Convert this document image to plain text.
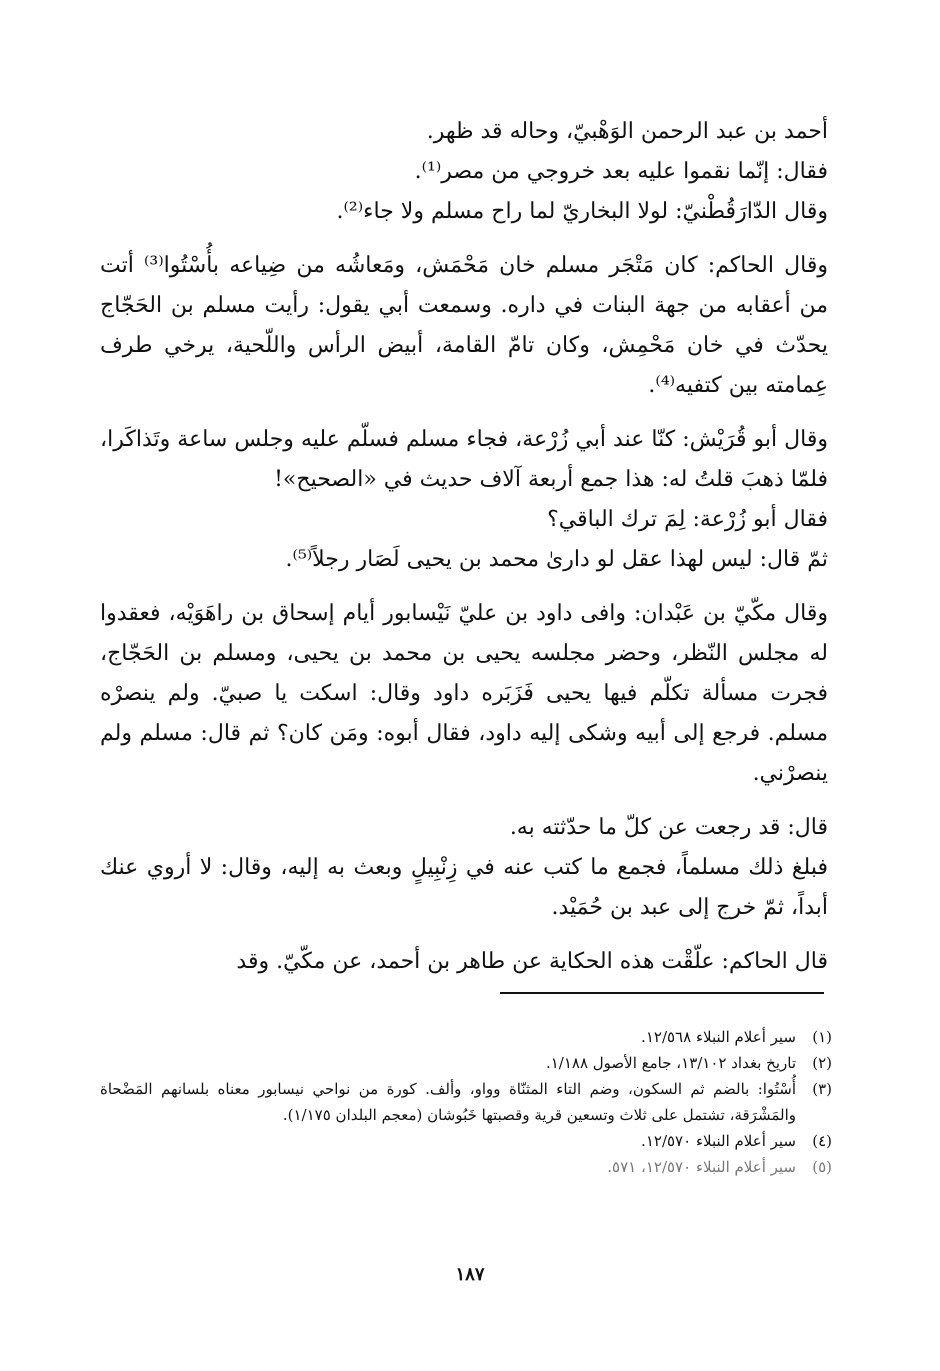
أحمد بن عبد الرحمن الوَهْبيّ، وحاله قد ظهر.

فقال: إنّما نقموا عليه بعد خروجي من مصر⁽¹⁾.

وقال الدّارَقُطْنيّ: لولا البخاريّ لما راح مسلم ولا جاء⁽²⁾.

وقال الحاكم: كان مَتْجَر مسلم خان مَحْمَش، ومَعاشُه من ضِياعه بأُسْتُوا⁽³⁾ أتت من أعقابه من جهة البنات في داره. وسمعت أبي يقول: رأيت مسلم بن الحَجّاج يحدّث في خان مَحْمِش، وكان تامّ القامة، أبيض الرأس واللّحية، يرخي طرف عِمامته بين كتفيه⁽⁴⁾.

وقال أبو قُرَيْش: كنّا عند أبي زُرْعة، فجاء مسلم فسلّم عليه وجلس ساعة وتَذاكَرا، فلمّا ذهبَ قلتُ له: هذا جمع أربعة آلاف حديث في «الصحيح»!

فقال أبو زُرْعة: لِمَ ترك الباقي؟

ثمّ قال: ليس لهذا عقل لو دارىٰ محمد بن يحيى لَصَار رجلاً⁽⁵⁾.

وقال مكّيّ بن عَبْدان: وافى داود بن عليّ نَيْسابور أيام إسحاق بن راهَوَيْه، فعقدوا له مجلس النّظر، وحضر مجلسه يحيى بن محمد بن يحيى، ومسلم بن الحَجّاج، فجرت مسألة تكلّم فيها يحيى فَزَبَره داود وقال: اسكت يا صبيّ. ولم ينصرْه مسلم. فرجع إلى أبيه وشكى إليه داود، فقال أبوه: ومَن كان؟ ثم قال: مسلم ولم ينصرْني.

قال: قد رجعت عن كلّ ما حدّثته به.

فبلغ ذلك مسلماً، فجمع ما كتب عنه في زِنْبِيلٍ وبعث به إليه، وقال: لا أروي عنك أبداً، ثمّ خرج إلى عبد بن حُمَيْد.

قال الحاكم: علّقْت هذه الحكاية عن طاهر بن أحمد، عن مكّيّ. وقد

(١)
سير أعلام النبلاء ١٢/٥٦٨.
(٢)
تاريخ بغداد ١٣/١٠٢، جامع الأصول ١/١٨٨.
(٣)
أُسْتُوا: بالضم ثم السكون، وضم التاء المثنّاة وواو، وألف. كورة من نواحي نيسابور معناه بلسانهم المَضْحاة والمَشْرَقة، تشتمل على ثلاث وتسعين قرية وقصبتها خَبُوشان (معجم البلدان ١/١٧٥).
(٤)
سير أعلام النبلاء ١٢/٥٧٠.
(٥)
سير أعلام النبلاء ١٢/٥٧٠، ٥٧١.
١٨٧
